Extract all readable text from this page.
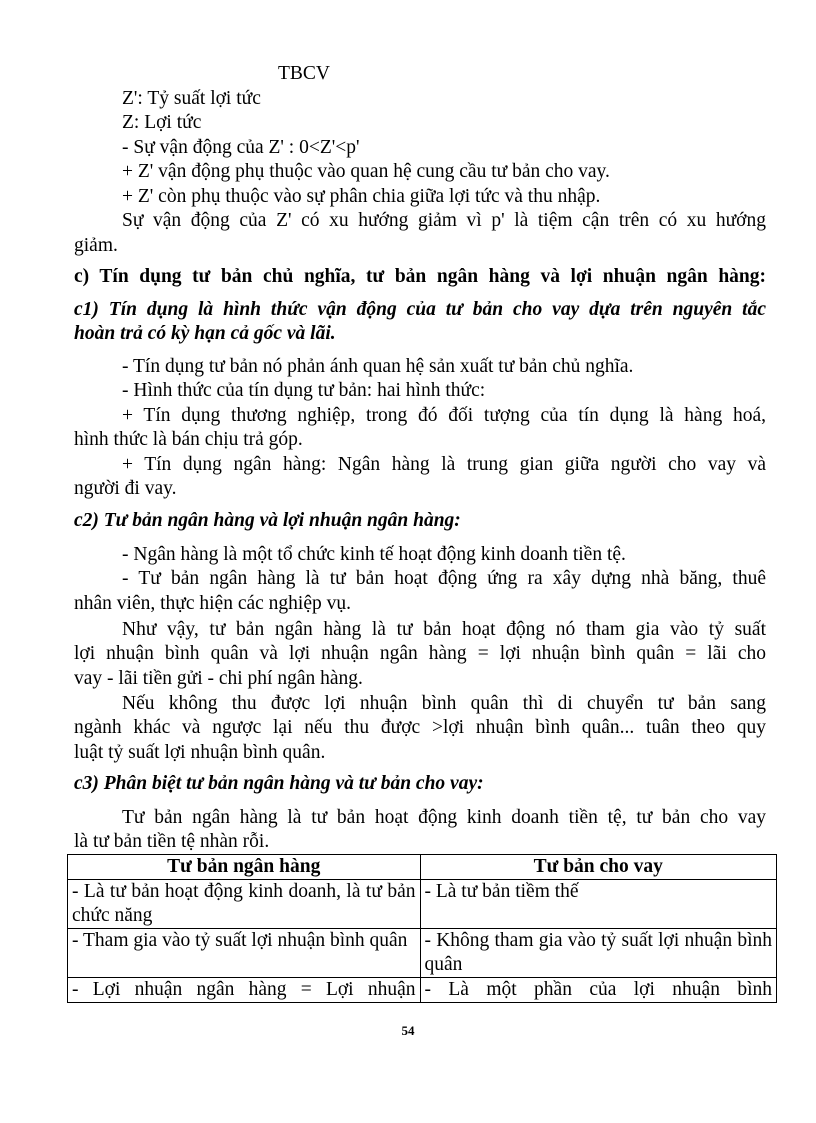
TBCV
Z': Tỷ suất lợi tức
Z: Lợi tức
- Sự vận động của Z' : 0<Z'<p'
+ Z' vận động phụ thuộc vào quan hệ cung cầu tư bản cho vay.
+ Z' còn phụ thuộc vào sự phân chia giữa lợi tức và thu nhập.
Sự vận động của Z' có xu hướng giảm vì p' là tiệm cận trên có xu hướng
giảm.
c) Tín dụng tư bản chủ nghĩa, tư bản ngân hàng và lợi nhuận ngân hàng:
c1) Tín dụng là hình thức vận động của tư bản cho vay dựa trên nguyên tắc
hoàn trả có kỳ hạn cả gốc và lãi.
- Tín dụng tư bản nó phản ánh quan hệ sản xuất tư bản chủ nghĩa.
- Hình thức của tín dụng tư bản: hai hình thức:
+ Tín dụng thương nghiệp, trong đó đối tượng của tín dụng là hàng hoá,
hình thức là bán chịu trả góp.
+ Tín dụng ngân hàng: Ngân hàng là trung gian giữa người cho vay và
người đi vay.
c2) Tư bản ngân hàng và lợi nhuận ngân hàng:
- Ngân hàng là một tổ chức kinh tế hoạt động kinh doanh tiền tệ.
- Tư bản ngân hàng là tư bản hoạt động ứng ra xây dựng nhà băng, thuê
nhân viên, thực hiện các nghiệp vụ.
Như vậy, tư bản ngân hàng là tư bản hoạt động nó tham gia vào tỷ suất
lợi nhuận bình quân và lợi nhuận ngân hàng = lợi nhuận bình quân = lãi cho
vay - lãi tiền gửi - chi phí ngân hàng.
Nếu không thu được lợi nhuận bình quân thì di chuyển tư bản sang
ngành khác và ngược lại nếu thu được >lợi nhuận bình quân... tuân theo quy
luật tỷ suất lợi nhuận bình quân.
c3) Phân biệt tư bản ngân hàng và tư bản cho vay:
Tư bản ngân hàng là tư bản hoạt động kinh doanh tiền tệ, tư bản cho vay
là tư bản tiền tệ nhàn rỗi.
Tư bản ngân hàng	Tư bản cho vay
- Là tư bản hoạt động kinh doanh, là tư bản chức năng	- Là tư bản tiềm thế
- Tham gia vào tỷ suất lợi nhuận bình quân	- Không tham gia vào tỷ suất lợi nhuận bình quân
- Lợi nhuận ngân hàng = Lợi nhuận	- Là một phần của lợi nhuận bình
54
